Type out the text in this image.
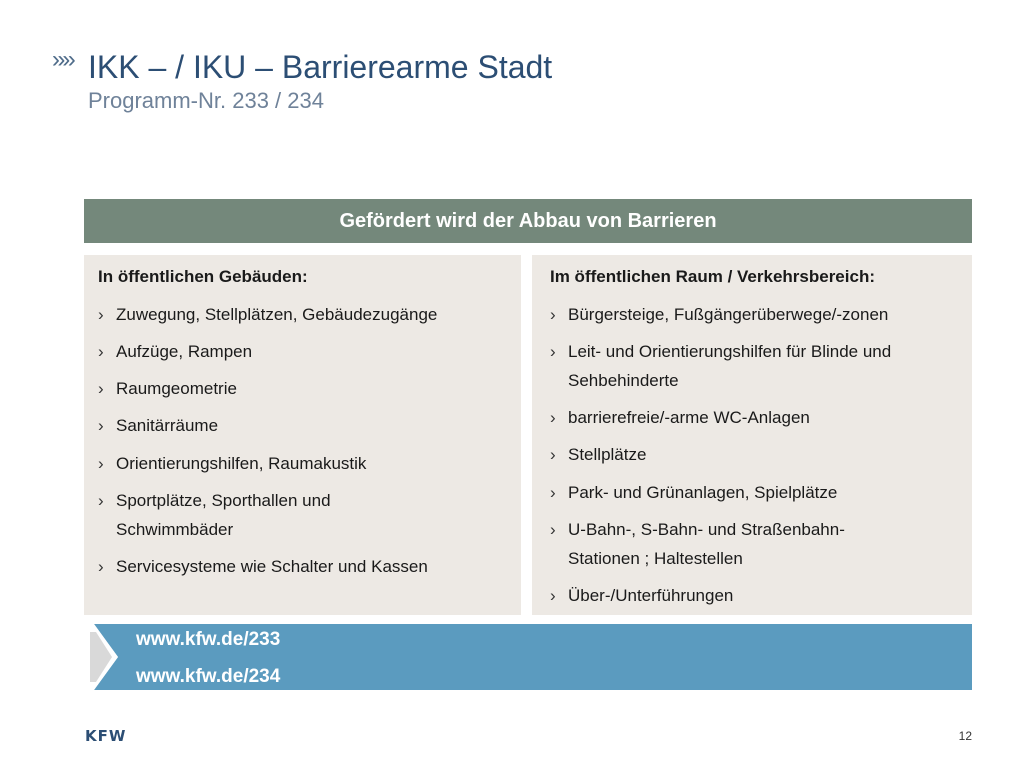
»» IKK – / IKU – Barrierearme Stadt
Programm-Nr. 233 / 234
Gefördert wird der Abbau von Barrieren
In öffentlichen Gebäuden:
› Zuwegung, Stellplätzen, Gebäudezugänge
› Aufzüge, Rampen
› Raumgeometrie
› Sanitärräume
› Orientierungshilfen, Raumakustik
› Sportplätze, Sporthallen und Schwimmbäder
› Servicesysteme wie Schalter und Kassen
Im öffentlichen Raum / Verkehrsbereich:
› Bürgersteige, Fußgängerüberwege/-zonen
› Leit- und Orientierungshilfen für Blinde und Sehbehinderte
› barrierefreie/-arme WC-Anlagen
› Stellplätze
› Park- und Grünanlagen, Spielplätze
› U-Bahn-, S-Bahn- und Straßenbahn-Stationen ; Haltestellen
› Über-/Unterführungen
www.kfw.de/233
www.kfw.de/234
KFW	12
